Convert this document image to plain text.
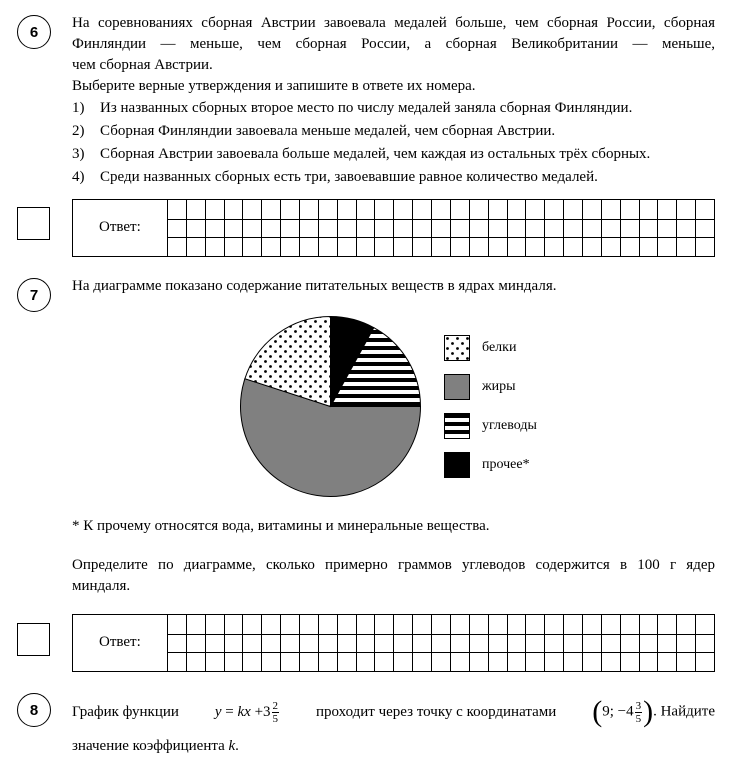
6
На соревнованиях сборная Австрии завоевала медалей больше, чем сборная России, сборная
Финляндии — меньше, чем сборная России, а сборная Великобритании — меньше,
чем сборная Австрии.
Выберите верные утверждения и запишите в ответе их номера.
1) Из названных сборных второе место по числу медалей заняла сборная Финляндии.
2) Сборная Финляндии завоевала меньше медалей, чем сборная Австрии.
3) Сборная Австрии завоевала больше медалей, чем каждая из остальных трёх сборных.
4) Среди названных сборных есть три, завоевавшие равное количество медалей.
Ответ:
7
На диаграмме показано содержание питательных веществ в ядрах миндаля.
белки
жиры
углеводы
прочее*
* К прочему относятся вода, витамины и минеральные вещества.
Определите по диаграмме, сколько примерно граммов углеводов содержится в 100 г ядер
миндаля.
Ответ:
8 График функции y = kx $+3 \frac{2}{5}$ проходит через точку с координатами (9; $-4 \frac{3}{5}$ ). Найдите
значение коэффициента k.
